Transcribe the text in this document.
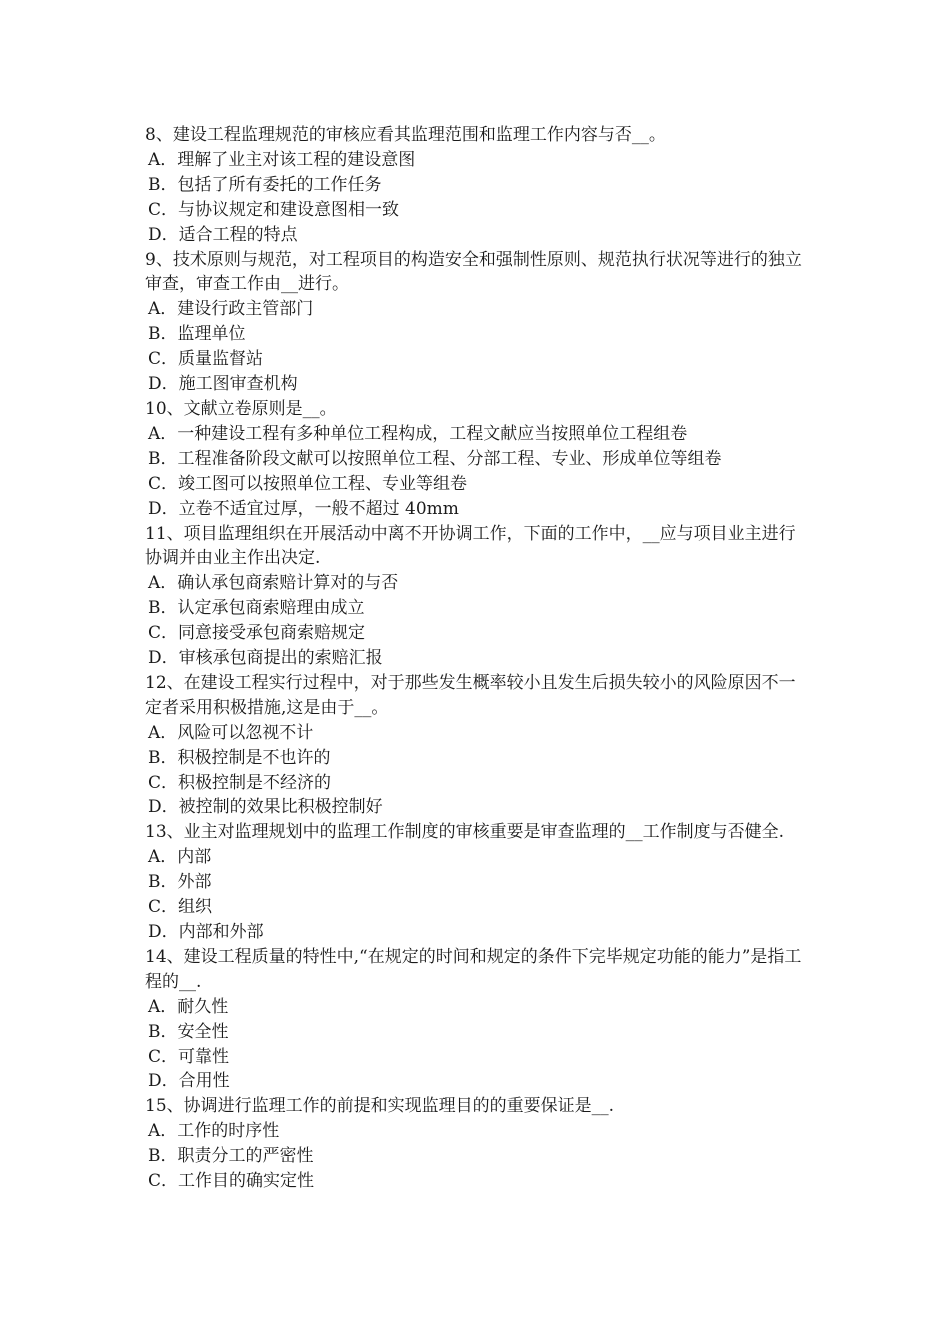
8、建设工程监理规范的审核应看其监理范围和监理工作内容与否__。

A．理解了业主对该工程的建设意图

B．包括了所有委托的工作任务

C．与协议规定和建设意图相一致

D．适合工程的特点

9、技术原则与规范，对工程项目的构造安全和强制性原则、规范执行状况等进行的独立审查，审查工作由__进行。

A．建设行政主管部门

B．监理单位

C．质量监督站

D．施工图审查机构

10、文献立卷原则是__。

A．一种建设工程有多种单位工程构成，工程文献应当按照单位工程组卷

B．工程准备阶段文献可以按照单位工程、分部工程、专业、形成单位等组卷

C．竣工图可以按照单位工程、专业等组卷

D．立卷不适宜过厚，一般不超过 40mm

11、项目监理组织在开展活动中离不开协调工作，下面的工作中，__应与项目业主进行协调并由业主作出决定.

A．确认承包商索赔计算对的与否

B．认定承包商索赔理由成立

C．同意接受承包商索赔规定

D．审核承包商提出的索赔汇报

12、在建设工程实行过程中，对于那些发生概率较小且发生后损失较小的风险原因不一定者采用积极措施,这是由于__。

A．风险可以忽视不计

B．积极控制是不也许的

C．积极控制是不经济的

D．被控制的效果比积极控制好

13、业主对监理规划中的监理工作制度的审核重要是审查监理的__工作制度与否健全.

A．内部

B．外部

C．组织

D．内部和外部

14、建设工程质量的特性中,“在规定的时间和规定的条件下完毕规定功能的能力”是指工程的__.

A．耐久性

B．安全性

C．可靠性

D．合用性

15、协调进行监理工作的前提和实现监理目的的重要保证是__.

A．工作的时序性

B．职责分工的严密性

C．工作目的确实定性
